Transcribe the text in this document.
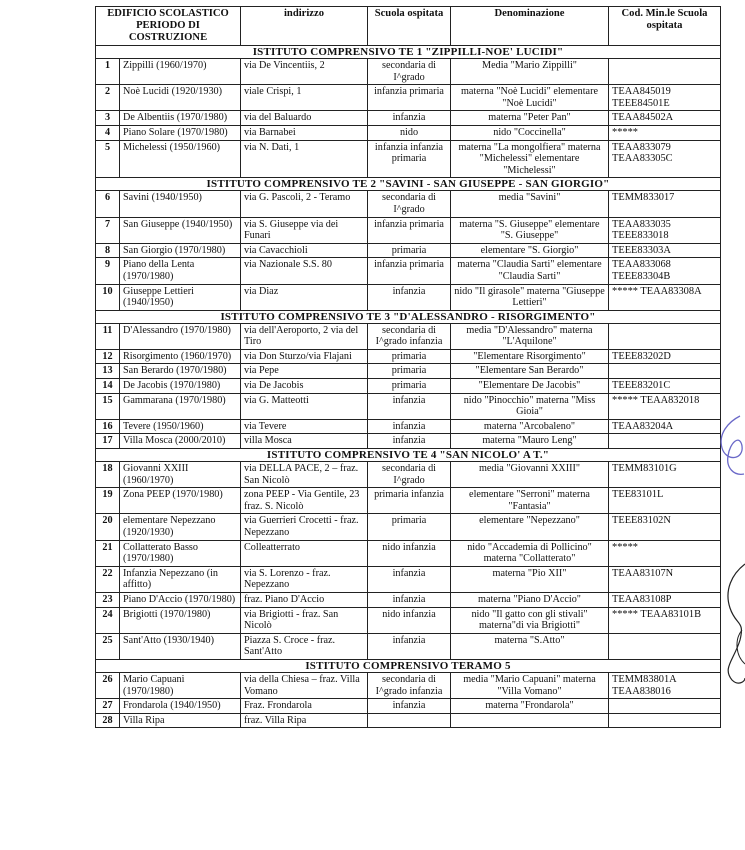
EDIFICIO SCOLASTICO PERIODO DI COSTRUZIONE		indirizzo	Scuola ospitata	Denominazione	Cod. Min.le Scuola ospitata
ISTITUTO COMPRENSIVO TE 1 "ZIPPILLI-NOE' LUCIDI"					
1	Zippilli (1960/1970)	via De Vincentiis, 2	secondaria di I^grado	Media "Mario Zippilli"	
2	Noè Lucidi (1920/1930)	viale Crispi, 1	infanzia primaria	materna "Noè Lucidi" elementare "Noè Lucidi"	TEAA845019 TEEE84501E
3	De Albentiis (1970/1980)	via del Baluardo	infanzia	materna "Peter Pan"	TEAA84502A
4	Piano Solare (1970/1980)	via Barnabei	nido	nido "Coccinella"	*****
5	Michelessi (1950/1960)	via N. Dati, 1	infanzia infanzia primaria	materna "La mongolfiera" materna "Michelessi" elementare "Michelessi"	TEAA833079 TEAA83305C
ISTITUTO COMPRENSIVO TE 2 "SAVINI - SAN GIUSEPPE - SAN GIORGIO"					
6	Savini (1940/1950)	via G. Pascoli, 2 - Teramo	secondaria di I^grado	media "Savini"	TEMM833017
7	San Giuseppe (1940/1950)	via S. Giuseppe via dei Funari	infanzia primaria	materna "S. Giuseppe" elementare "S. Giuseppe"	TEAA833035 TEEE833018
8	San Giorgio (1970/1980)	via Cavacchioli	primaria	elementare "S. Giorgio"	TEEE83303A
9	Piano della Lenta (1970/1980)	via Nazionale S.S. 80	infanzia primaria	materna "Claudia Sarti" elementare "Claudia Sarti"	TEAA833068 TEEE83304B
10	Giuseppe Lettieri (1940/1950)	via Diaz	infanzia	nido "Il girasole" materna "Giuseppe Lettieri"	***** TEAA83308A
ISTITUTO COMPRENSIVO TE 3 "D'ALESSANDRO - RISORGIMENTO"					
11	D'Alessandro (1970/1980)	via dell'Aeroporto, 2 via del Tiro	secondaria di I^grado infanzia	media "D'Alessandro" materna "L'Aquilone"	
12	Risorgimento (1960/1970)	via Don Sturzo/via Flajani	primaria	"Elementare Risorgimento"	TEEE83202D
13	San Berardo (1970/1980)	via Pepe	primaria	"Elementare San Berardo"	
14	De Jacobis (1970/1980)	via De Jacobis	primaria	"Elementare De Jacobis"	TEEE83201C
15	Gammarana (1970/1980)	via G. Matteotti	infanzia	nido "Pinocchio" materna "Miss Gioia"	***** TEAA832018
16	Tevere (1950/1960)	via Tevere	infanzia	materna "Arcobaleno"	TEAA83204A
17	Villa Mosca (2000/2010)	villa Mosca	infanzia	materna "Mauro Leng"	
ISTITUTO COMPRENSIVO TE 4 "SAN NICOLO' A T."					
18	Giovanni XXIII (1960/1970)	via DELLA PACE, 2 – fraz. San Nicolò	secondaria di I^grado	media "Giovanni XXIII"	TEMM83101G
19	Zona PEEP (1970/1980)	zona PEEP - Via Gentile, 23 fraz. S. Nicolò	primaria infanzia	elementare "Serroni" materna "Fantasia"	TEE83101L
20	elementare Nepezzano (1920/1930)	via Guerrieri Crocetti - fraz. Nepezzano	primaria	elementare "Nepezzano"	TEEE83102N
21	Collatterato Basso (1970/1980)	Colleatterrato	nido infanzia	nido "Accademia di Pollicino" materna "Collatterato"	*****
22	Infanzia Nepezzano (in affitto)	via S. Lorenzo - fraz. Nepezzano	infanzia	materna "Pio XII"	TEAA83107N
23	Piano D'Accio (1970/1980)	fraz. Piano D'Accio	infanzia	materna "Piano D'Accio"	TEAA83108P
24	Brigiotti (1970/1980)	via Brigiotti - fraz. San Nicolò	nido infanzia	nido "Il gatto con gli stivali" materna"di via Brigiotti"	***** TEAA83101B
25	Sant'Atto (1930/1940)	Piazza S. Croce - fraz. Sant'Atto	infanzia	materna "S.Atto"	
ISTITUTO COMPRENSIVO TERAMO 5					
26	Mario Capuani (1970/1980)	via della Chiesa – fraz. Villa Vomano	secondaria di I^grado infanzia	media "Mario Capuani" materna "Villa Vomano"	TEMM83801A TEAA838016
27	Frondarola (1940/1950)	Fraz. Frondarola	infanzia	materna "Frondarola"	
28	Villa Ripa	fraz. Villa Ripa			
